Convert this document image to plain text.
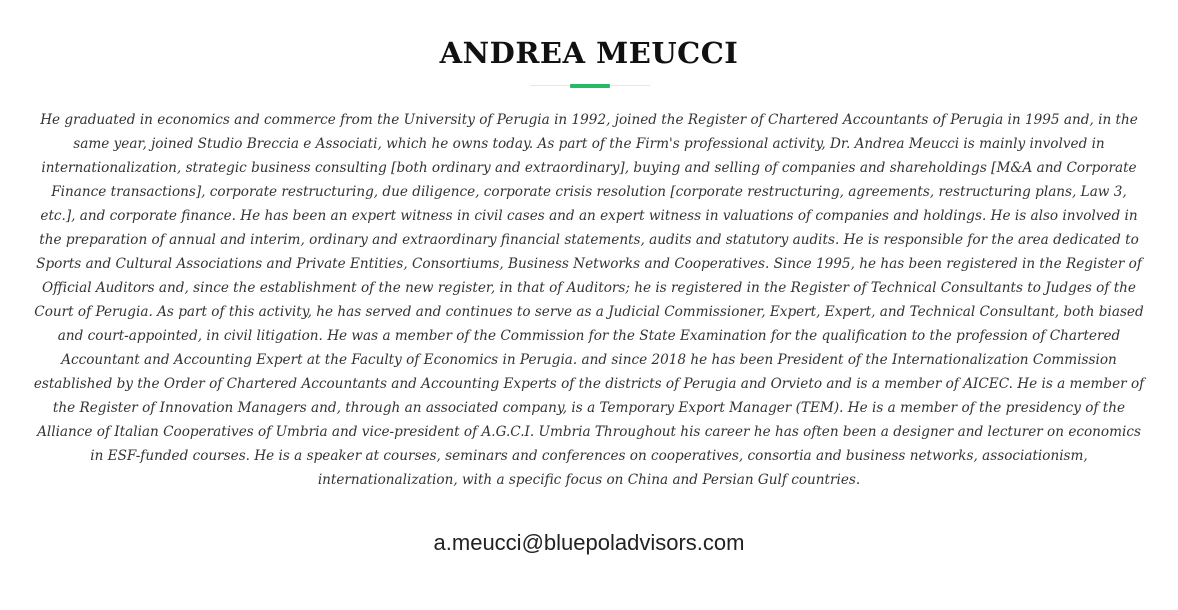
ANDREA MEUCCI

He graduated in economics and commerce from the University of Perugia in 1992, joined the Register of Chartered Accountants of Perugia in 1995 and, in the same year, joined Studio Breccia e Associati, which he owns today. As part of the Firm's professional activity, Dr. Andrea Meucci is mainly involved in internationalization, strategic business consulting [both ordinary and extraordinary], buying and selling of companies and shareholdings [M&A and Corporate Finance transactions], corporate restructuring, due diligence, corporate crisis resolution [corporate restructuring, agreements, restructuring plans, Law 3, etc.], and corporate finance. He has been an expert witness in civil cases and an expert witness in valuations of companies and holdings. He is also involved in the preparation of annual and interim, ordinary and extraordinary financial statements, audits and statutory audits. He is responsible for the area dedicated to Sports and Cultural Associations and Private Entities, Consortiums, Business Networks and Cooperatives. Since 1995, he has been registered in the Register of Official Auditors and, since the establishment of the new register, in that of Auditors; he is registered in the Register of Technical Consultants to Judges of the Court of Perugia. As part of this activity, he has served and continues to serve as a Judicial Commissioner, Expert, Expert, and Technical Consultant, both biased and court-appointed, in civil litigation. He was a member of the Commission for the State Examination for the qualification to the profession of Chartered Accountant and Accounting Expert at the Faculty of Economics in Perugia. and since 2018 he has been President of the Internationalization Commission established by the Order of Chartered Accountants and Accounting Experts of the districts of Perugia and Orvieto and is a member of AICEC. He is a member of the Register of Innovation Managers and, through an associated company, is a Temporary Export Manager (TEM). He is a member of the presidency of the Alliance of Italian Cooperatives of Umbria and vice-president of A.G.C.I. Umbria Throughout his career he has often been a designer and lecturer on economics in ESF-funded courses. He is a speaker at courses, seminars and conferences on cooperatives, consortia and business networks, associationism, internationalization, with a specific focus on China and Persian Gulf countries.

a.meucci@bluepoladvisors.com
